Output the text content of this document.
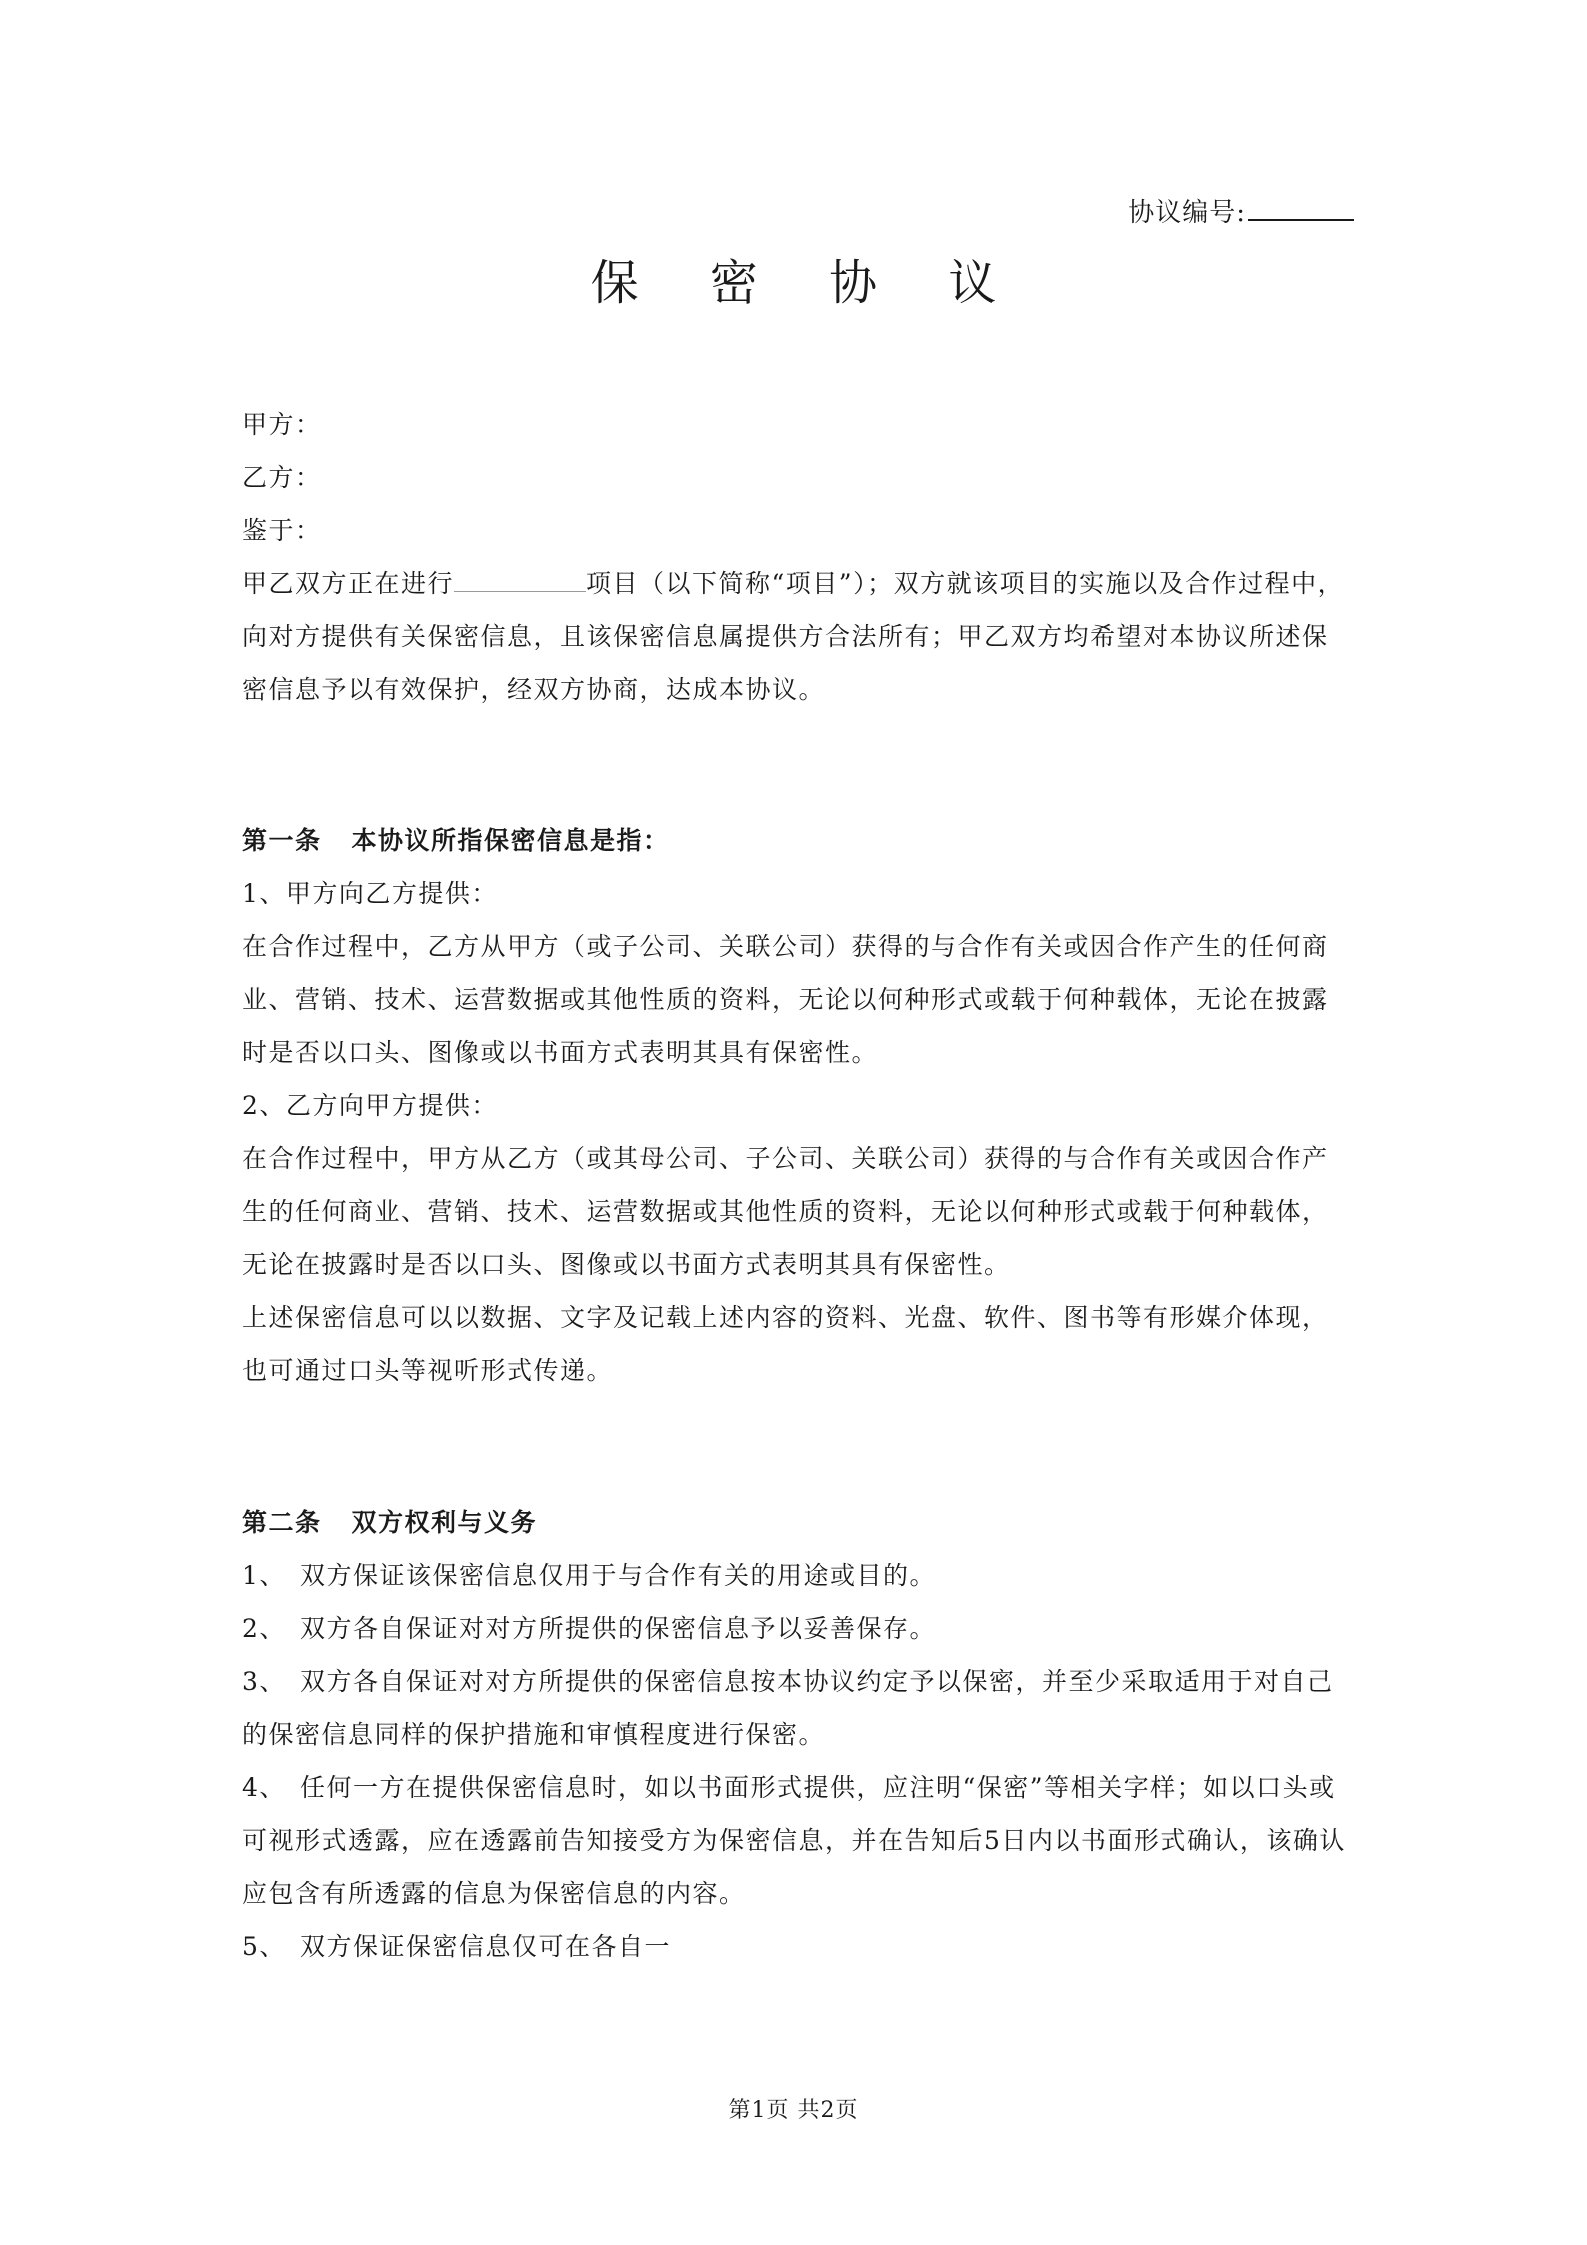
协议编号:
保 密 协 议

甲方：

乙方：

鉴于：

甲乙双方正在进行	项目（以下简称“项目”）；双方就该项目的实施以及合作过程中，向对方提供有关保密信息，且该保密信息属提供方合法所有；甲乙双方均希望对本协议所述保密信息予以有效保护，经双方协商，达成本协议。

第一条 本协议所指保密信息是指：

1、甲方向乙方提供：

在合作过程中，乙方从甲方（或子公司、关联公司）获得的与合作有关或因合作产生的任何商业、营销、技术、运营数据或其他性质的资料，无论以何种形式或载于何种载体，无论在披露时是否以口头、图像或以书面方式表明其具有保密性。

2、乙方向甲方提供：

在合作过程中，甲方从乙方（或其母公司、子公司、关联公司）获得的与合作有关或因合作产生的任何商业、营销、技术、运营数据或其他性质的资料，无论以何种形式或载于何种载体，无论在披露时是否以口头、图像或以书面方式表明其具有保密性。

上述保密信息可以以数据、文字及记载上述内容的资料、光盘、软件、图书等有形媒介体现，也可通过口头等视听形式传递。

第二条 双方权利与义务

1、 双方保证该保密信息仅用于与合作有关的用途或目的。

2、 双方各自保证对对方所提供的保密信息予以妥善保存。

3、 双方各自保证对对方所提供的保密信息按本协议约定予以保密，并至少采取适用于对自己的保密信息同样的保护措施和审慎程度进行保密。

4、 任何一方在提供保密信息时，如以书面形式提供，应注明“保密”等相关字样；如以口头或可视形式透露，应在透露前告知接受方为保密信息，并在告知后5日内以书面形式确认，该确认应包含有所透露的信息为保密信息的内容。

5、 双方保证保密信息仅可在各自一

第1页 共2页
